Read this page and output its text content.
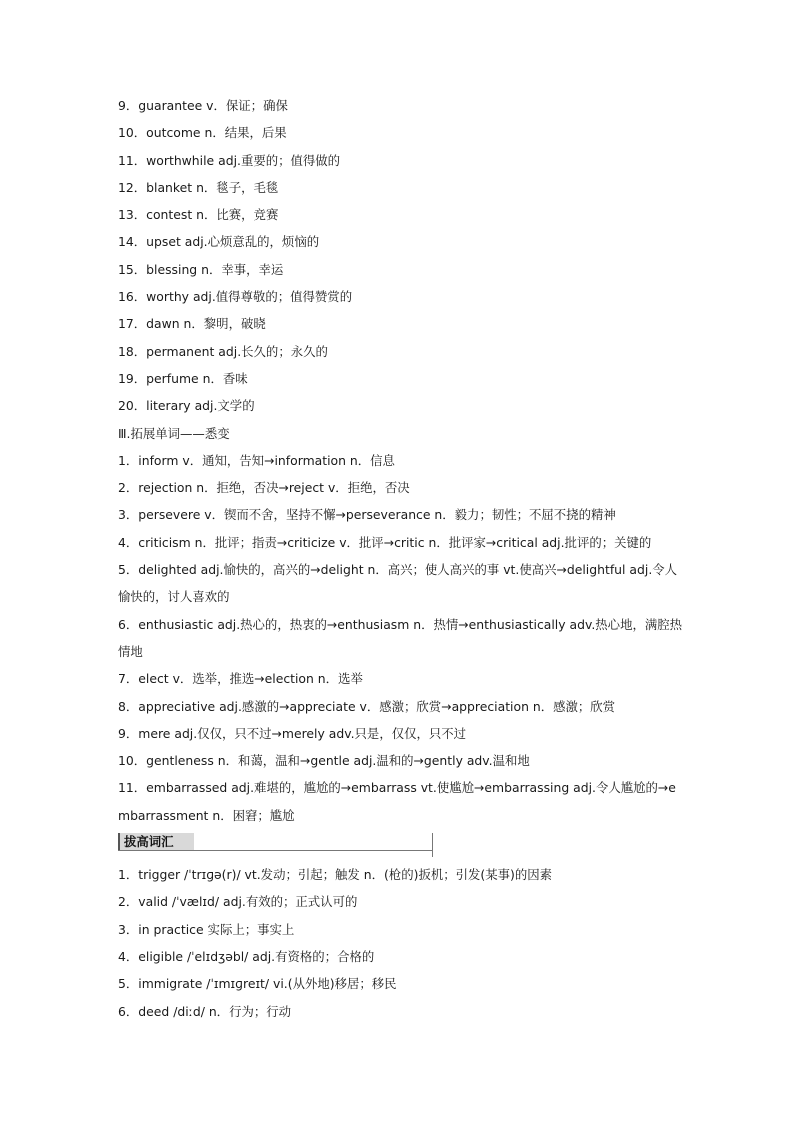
9．guarantee v．保证；确保
10．outcome n．结果，后果
11．worthwhile adj.重要的；值得做的
12．blanket n．毯子，毛毯
13．contest n．比赛，竞赛
14．upset adj.心烦意乱的，烦恼的
15．blessing n．幸事，幸运
16．worthy adj.值得尊敬的；值得赞赏的
17．dawn n．黎明，破晓
18．permanent adj.长久的；永久的
19．perfume n．香味
20．literary adj.文学的
Ⅲ.拓展单词——悉变
1．inform v．通知，告知→information n．信息
2．rejection n．拒绝，否决→reject v．拒绝，否决
3．persevere v．锲而不舍，坚持不懈→perseverance n．毅力；韧性；不屈不挠的精神
4．criticism n．批评；指责→criticize v．批评→critic n．批评家→critical adj.批评的；关键的
5．delighted adj.愉快的，高兴的→delight n．高兴；使人高兴的事 vt.使高兴→delightful adj.令人愉快的，讨人喜欢的
6．enthusiastic adj.热心的，热衷的→enthusiasm n．热情→enthusiastically adv.热心地，满腔热情地
7．elect v．选举，推选→election n．选举
8．appreciative adj.感激的→appreciate v．感激；欣赏→appreciation n．感激；欣赏
9．mere adj.仅仅，只不过→merely adv.只是，仅仅，只不过
10．gentleness n．和蔼，温和→gentle adj.温和的→gently adv.温和地
11．embarrassed adj.难堪的，尴尬的→embarrass vt.使尴尬→embarrassing adj.令人尴尬的→embarrassment n．困窘；尴尬
拔高词汇
1．trigger /ˈtrɪɡə(r)/ vt.发动；引起；触发 n．(枪的)扳机；引发(某事)的因素
2．valid /ˈvælɪd/ adj.有效的；正式认可的
3．in practice 实际上；事实上
4．eligible /ˈelɪdʒəbl/ adj.有资格的；合格的
5．immigrate /ˈɪmɪɡreɪt/ vi.(从外地)移居；移民
6．deed /diːd/ n．行为；行动
